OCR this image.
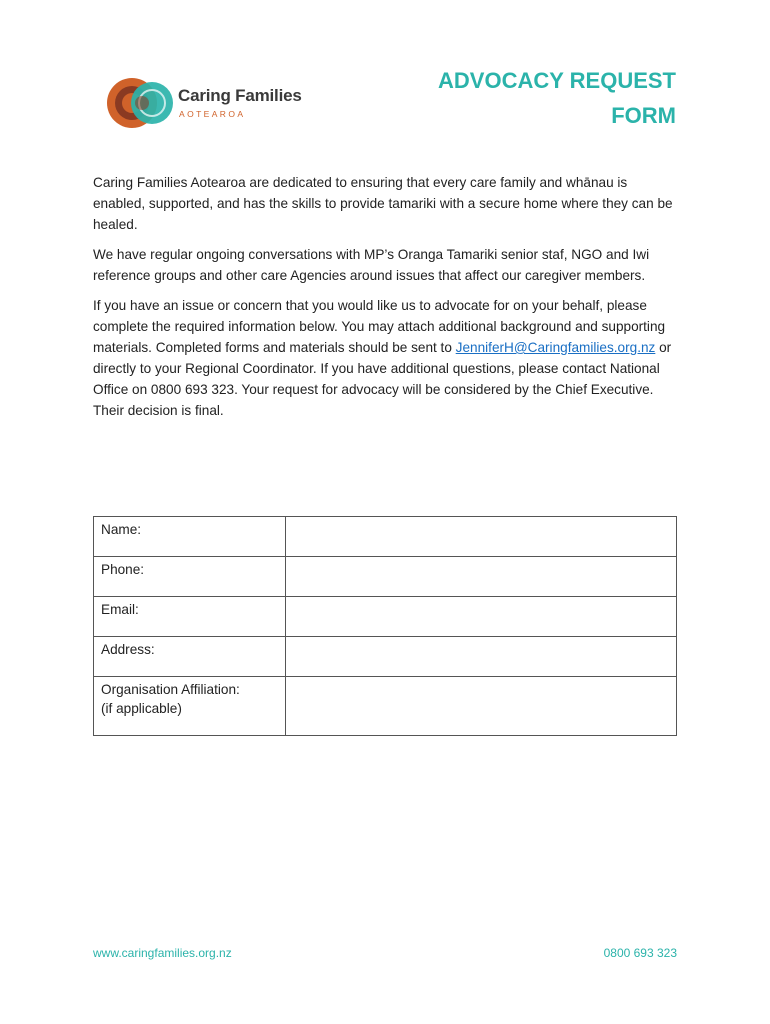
Caring Families
AOTEAROA
ADVOCACY REQUEST
FORM

Caring Families Aotearoa are dedicated to ensuring that every care family and whānau is enabled, supported, and has the skills to provide tamariki with a secure home where they can be healed.

We have regular ongoing conversations with MP’s Oranga Tamariki senior staf, NGO and Iwi reference groups and other care Agencies around issues that affect our caregiver members.

If you have an issue or concern that you would like us to advocate for on your behalf, please complete the required information below. You may attach additional background and supporting materials. Completed forms and materials should be sent to JenniferH@Caringfamilies.org.nz or directly to your Regional Coordinator. If you have additional questions, please contact National Office on 0800 693 323. Your request for advocacy will be considered by the Chief Executive. Their decision is final.

Name:	
Phone:	
Email:	
Address:	

Organisation Affiliation:
(if applicable)	

www.caringfamilies.org.nz	0800 693 323
